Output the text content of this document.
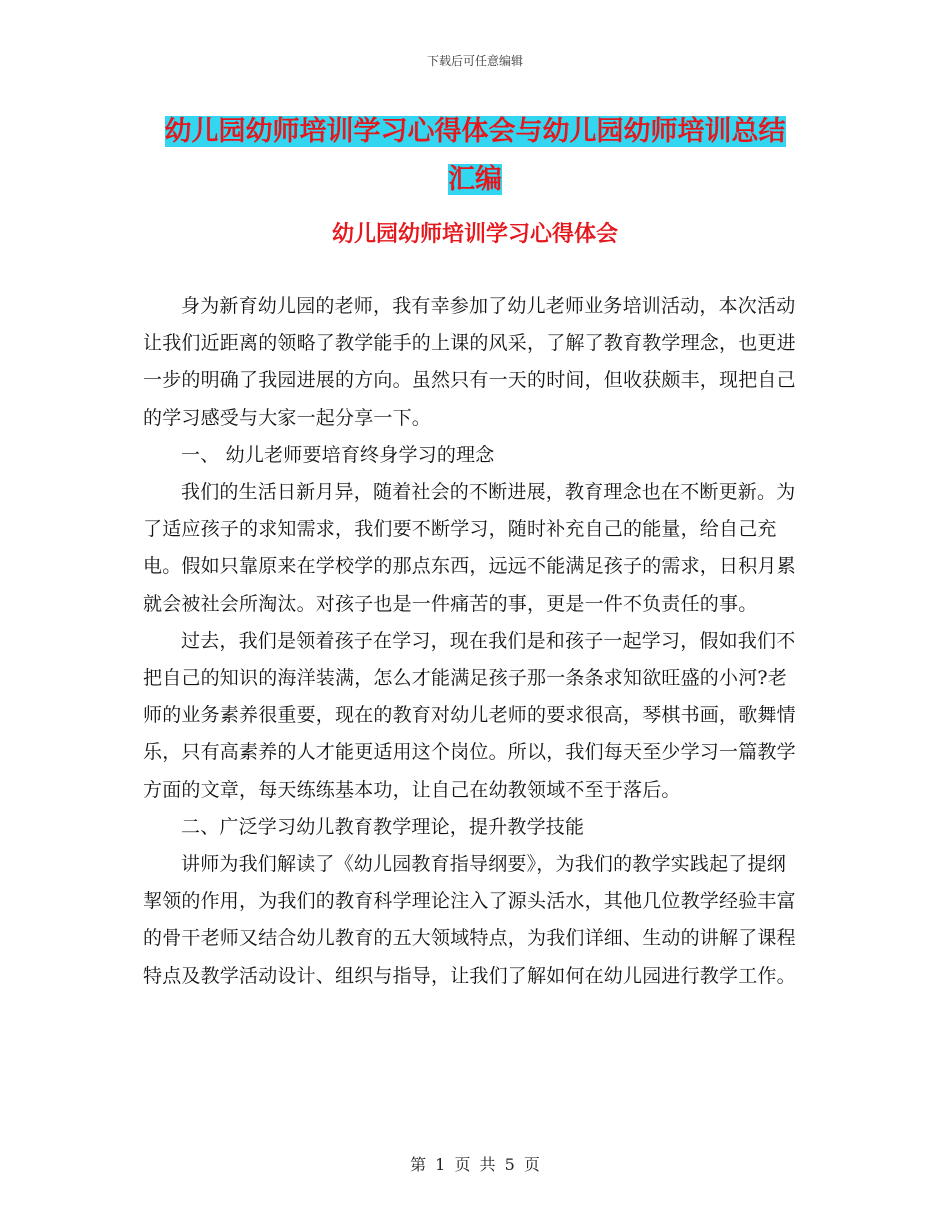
下载后可任意编辑
幼儿园幼师培训学习心得体会与幼儿园幼师培训总结
汇编
幼儿园幼师培训学习心得体会

身为新育幼儿园的老师，我有幸参加了幼儿老师业务培训活动，本次活动让我们近距离的领略了教学能手的上课的风采，了解了教育教学理念，也更进一步的明确了我园进展的方向。虽然只有一天的时间，但收获颇丰，现把自己的学习感受与大家一起分享一下。

一、 幼儿老师要培育终身学习的理念

我们的生活日新月异，随着社会的不断进展，教育理念也在不断更新。为了适应孩子的求知需求，我们要不断学习，随时补充自己的能量，给自己充电。假如只靠原来在学校学的那点东西，远远不能满足孩子的需求，日积月累就会被社会所淘汰。对孩子也是一件痛苦的事，更是一件不负责任的事。

过去，我们是领着孩子在学习，现在我们是和孩子一起学习，假如我们不把自己的知识的海洋装满，怎么才能满足孩子那一条条求知欲旺盛的小河?老师的业务素养很重要，现在的教育对幼儿老师的要求很高，琴棋书画，歌舞情乐，只有高素养的人才能更适用这个岗位。所以，我们每天至少学习一篇教学方面的文章，每天练练基本功，让自己在幼教领域不至于落后。

二、广泛学习幼儿教育教学理论，提升教学技能

讲师为我们解读了《幼儿园教育指导纲要》，为我们的教学实践起了提纲挈领的作用，为我们的教育科学理论注入了源头活水，其他几位教学经验丰富的骨干老师又结合幼儿教育的五大领域特点，为我们详细、生动的讲解了课程特点及教学活动设计、组织与指导，让我们了解如何在幼儿园进行教学工作。

第 1 页 共 5 页
